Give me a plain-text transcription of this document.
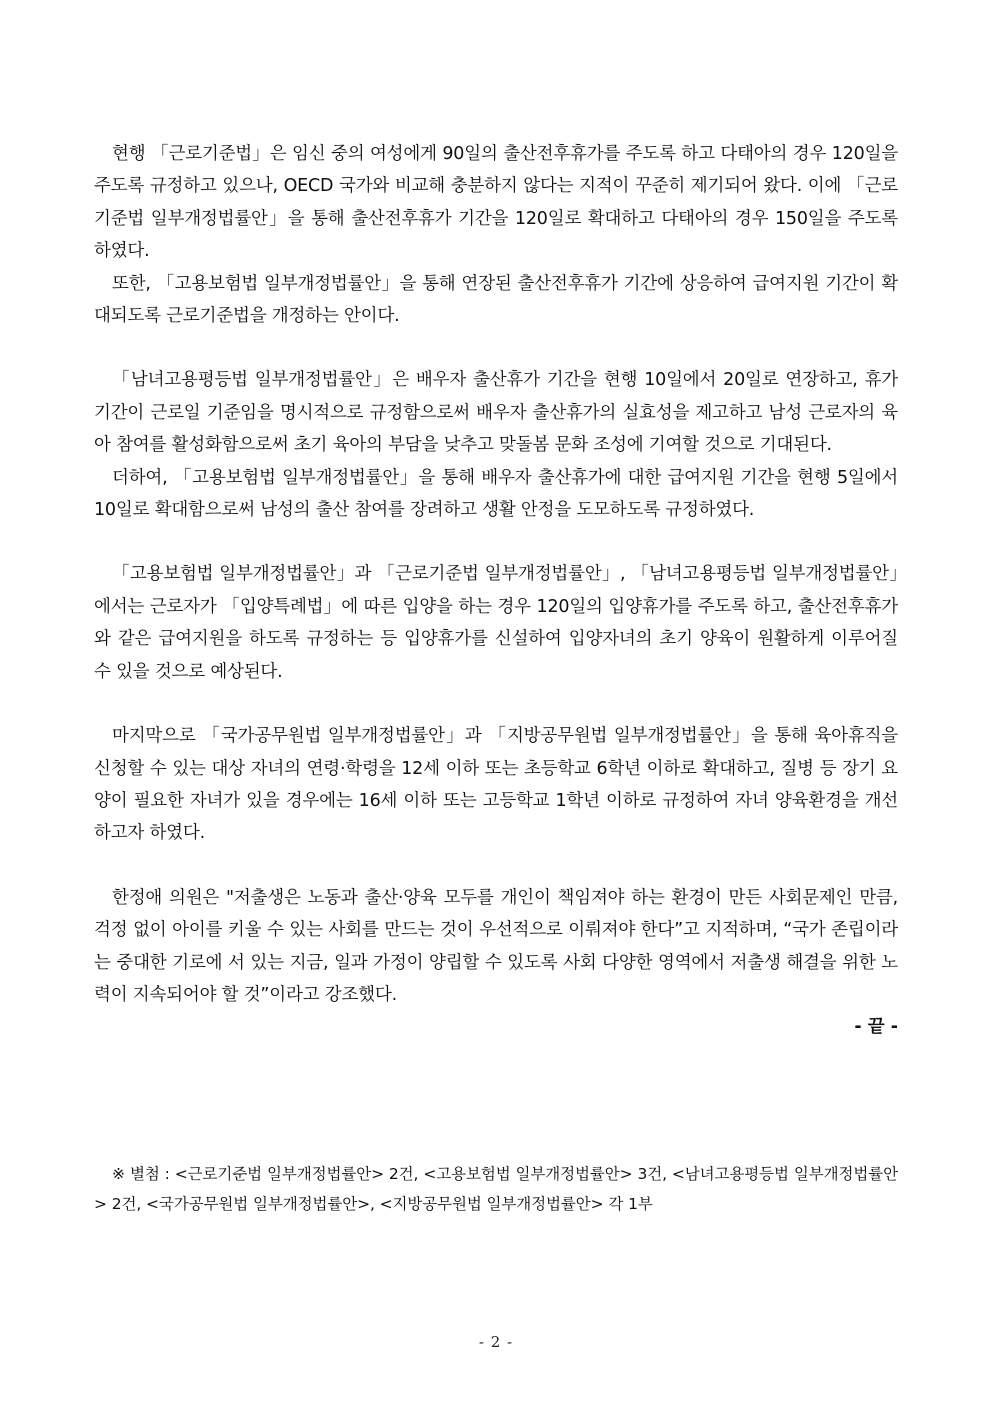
현행 「근로기준법」은 임신 중의 여성에게 90일의 출산전후휴가를 주도록 하고 다태아의 경우 120일을 주도록 규정하고 있으나, OECD 국가와 비교해 충분하지 않다는 지적이 꾸준히 제기되어 왔다. 이에 「근로기준법 일부개정법률안」을 통해 출산전후휴가 기간을 120일로 확대하고 다태아의 경우 150일을 주도록 하였다.

또한, 「고용보험법 일부개정법률안」을 통해 연장된 출산전후휴가 기간에 상응하여 급여지원 기간이 확대되도록 근로기준법을 개정하는 안이다.

「남녀고용평등법 일부개정법률안」은 배우자 출산휴가 기간을 현행 10일에서 20일로 연장하고, 휴가 기간이 근로일 기준임을 명시적으로 규정함으로써 배우자 출산휴가의 실효성을 제고하고 남성 근로자의 육아 참여를 활성화함으로써 초기 육아의 부담을 낮추고 맞돌봄 문화 조성에 기여할 것으로 기대된다.

더하여, 「고용보험법 일부개정법률안」을 통해 배우자 출산휴가에 대한 급여지원 기간을 현행 5일에서 10일로 확대함으로써 남성의 출산 참여를 장려하고 생활 안정을 도모하도록 규정하였다.

「고용보험법 일부개정법률안」과 「근로기준법 일부개정법률안」, 「남녀고용평등법 일부개정법률안」에서는 근로자가 「입양특례법」에 따른 입양을 하는 경우 120일의 입양휴가를 주도록 하고, 출산전후휴가와 같은 급여지원을 하도록 규정하는 등 입양휴가를 신설하여 입양자녀의 초기 양육이 원활하게 이루어질 수 있을 것으로 예상된다.

마지막으로 「국가공무원법 일부개정법률안」과 「지방공무원법 일부개정법률안」을 통해 육아휴직을 신청할 수 있는 대상 자녀의 연령·학령을 12세 이하 또는 초등학교 6학년 이하로 확대하고, 질병 등 장기 요양이 필요한 자녀가 있을 경우에는 16세 이하 또는 고등학교 1학년 이하로 규정하여 자녀 양육환경을 개선하고자 하였다.

한정애 의원은 "저출생은 노동과 출산·양육 모두를 개인이 책임져야 하는 환경이 만든 사회문제인 만큼, 걱정 없이 아이를 키울 수 있는 사회를 만드는 것이 우선적으로 이뤄져야 한다”고 지적하며, “국가 존립이라는 중대한 기로에 서 있는 지금, 일과 가정이 양립할 수 있도록 사회 다양한 영역에서 저출생 해결을 위한 노력이 지속되어야 할 것”이라고 강조했다.

- 끝 -

※ 별첨 : <근로기준법 일부개정법률안> 2건, <고용보험법 일부개정법률안> 3건, <남녀고용평등법 일부개정법률안> 2건, <국가공무원법 일부개정법률안>, <지방공무원법 일부개정법률안> 각 1부

- 2 -
